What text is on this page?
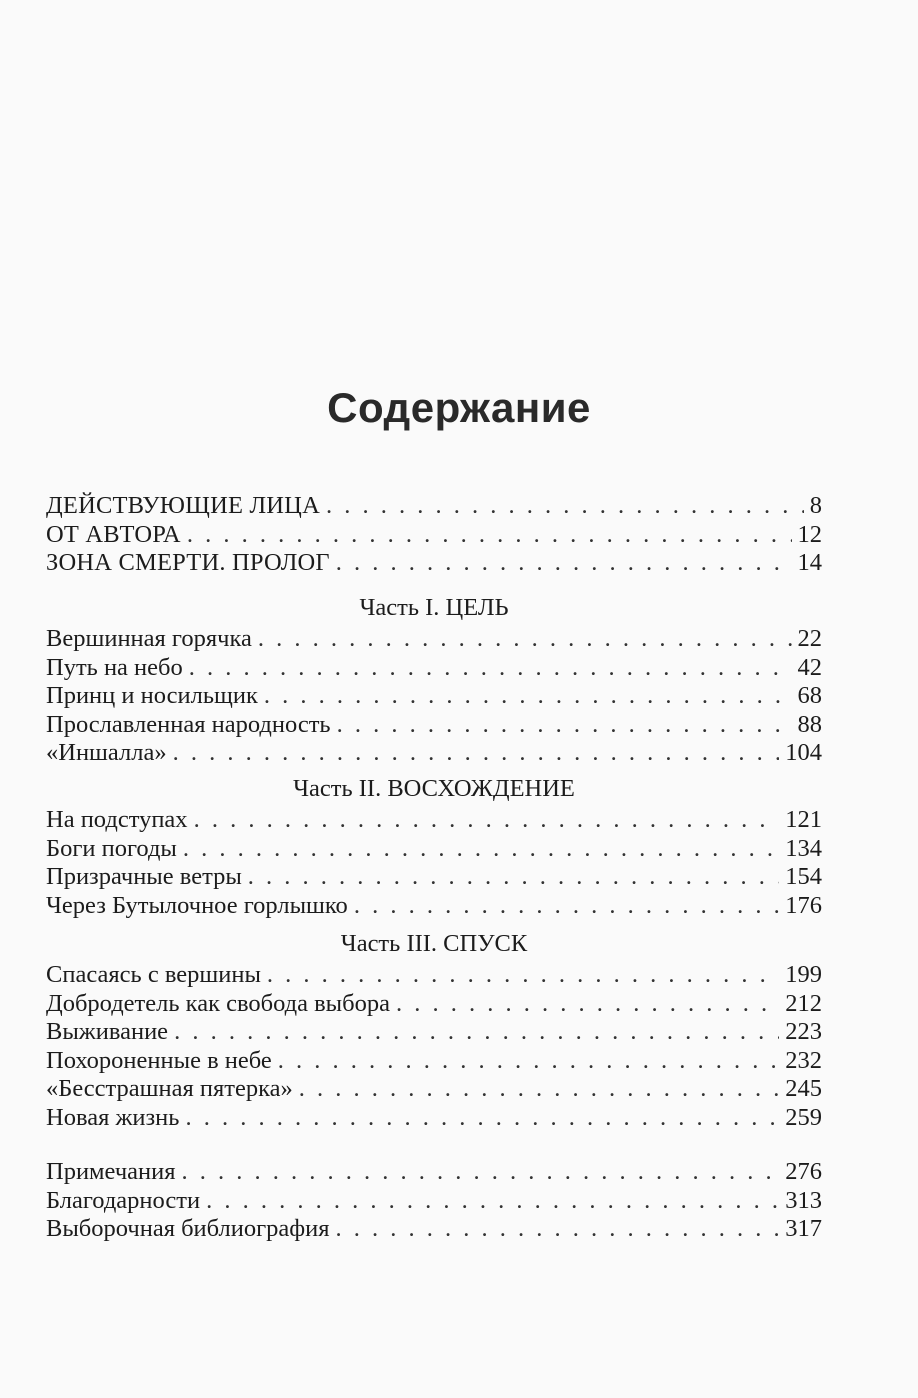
Содержание
ДЕЙСТВУЮЩИЕ ЛИЦА . . .	8
ОТ АВТОРА . . .	12
ЗОНА СМЕРТИ. ПРОЛОГ . . .	14
Часть I. ЦЕЛЬ
Вершинная горячка . . .	22
Путь на небо . . .	42
Принц и носильщик . . .	68
Прославленная народность . . .	88
«Иншалла» . . .	104
Часть II. ВОСХОЖДЕНИЕ
На подступах . . .	121
Боги погоды . . .	134
Призрачные ветры . . .	154
Через Бутылочное горлышко . . .	176
Часть III. СПУСК
Спасаясь с вершины . . .	199
Добродетель как свобода выбора . . .	212
Выживание . . .	223
Похороненные в небе . . .	232
«Бесстрашная пятерка» . . .	245
Новая жизнь . . .	259
Примечания . . .	276
Благодарности . . .	313
Выборочная библиография . . .	317
